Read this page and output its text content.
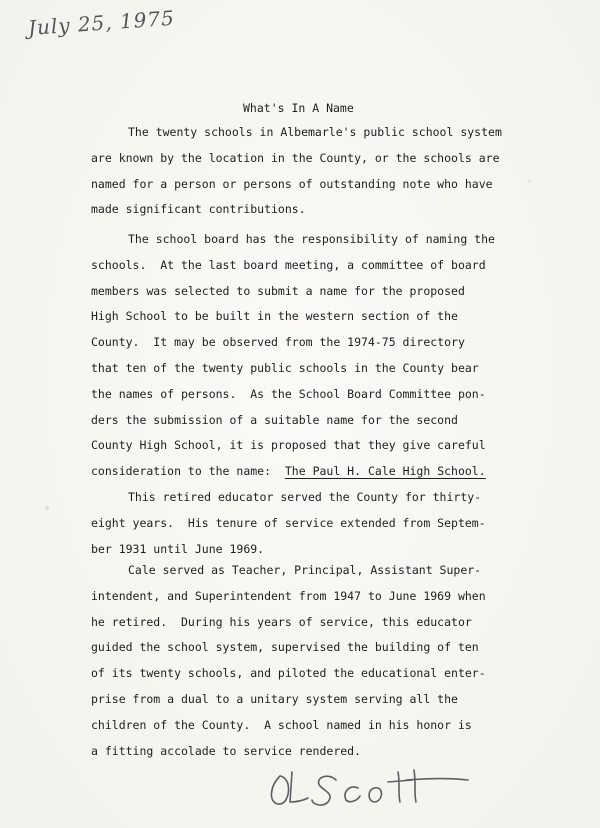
July 25, 1975
What's In A Name
The twenty schools in Albemarle's public school system
are known by the location in the County, or the schools are
named for a person or persons of outstanding note who have
made significant contributions.
The school board has the responsibility of naming the
schools.  At the last board meeting, a committee of board
members was selected to submit a name for the proposed
High School to be built in the western section of the
County.  It may be observed from the 1974-75 directory
that ten of the twenty public schools in the County bear
the names of persons.  As the School Board Committee pon-
ders the submission of a suitable name for the second
County High School, it is proposed that they give careful
consideration to the name:  The Paul H. Cale High School.
This retired educator served the County for thirty-
eight years.  His tenure of service extended from Septem-
ber 1931 until June 1969.
Cale served as Teacher, Principal, Assistant Super-
intendent, and Superintendent from 1947 to June 1969 when
he retired.  During his years of service, this educator
guided the school system, supervised the building of ten
of its twenty schools, and piloted the educational enter-
prise from a dual to a unitary system serving all the
children of the County.  A school named in his honor is
a fitting accolade to service rendered.
